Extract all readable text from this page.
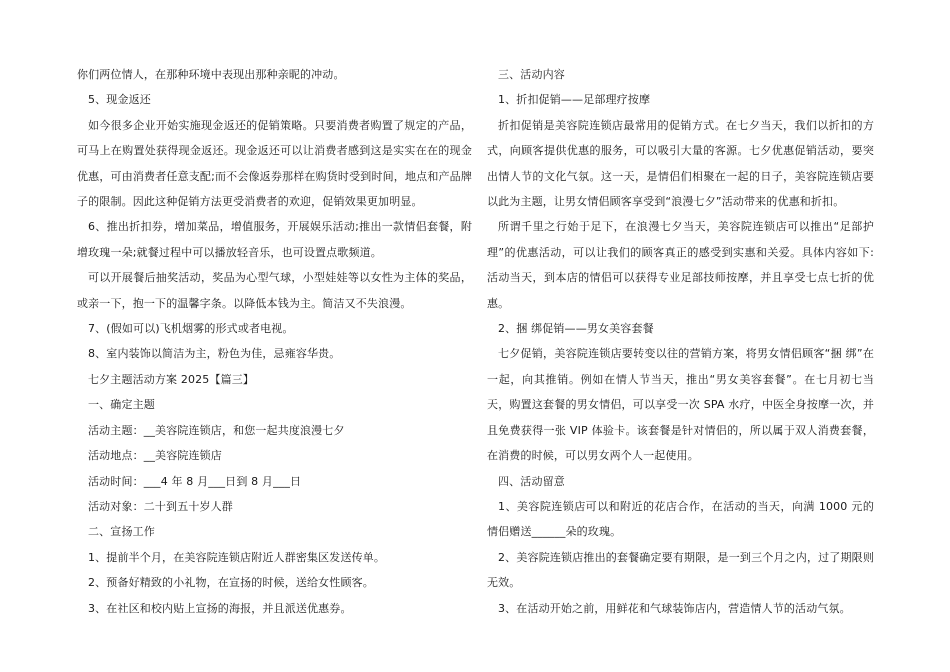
你们两位情人，在那种环境中表现出那种亲昵的冲动。

5、现金返还

如今很多企业开始实施现金返还的促销策略。只要消费者购置了规定的产品，可马上在购置处获得现金返还。现金返还可以让消费者感到这是实实在在的现金优惠，可由消费者任意支配;而不会像返券那样在购货时受到时间，地点和产品牌子的限制。因此这种促销方法更受消费者的欢迎，促销效果更加明显。

6、推出折扣券，增加菜品，增值服务，开展娱乐活动;推出一款情侣套餐，附增玫瑰一朵;就餐过程中可以播放轻音乐，也可设置点歌频道。

可以开展餐后抽奖活动，奖品为心型气球，小型娃娃等以女性为主体的奖品，或亲一下，抱一下的温馨字条。以降低本钱为主。简洁又不失浪漫。

7、(假如可以)飞机烟雾的形式或者电视。

8、室内装饰以简洁为主，粉色为佳，忌雍容华贵。

七夕主题活动方案 2025【篇三】

一、确定主题

活动主题：__美容院连锁店，和您一起共度浪漫七夕

活动地点：__美容院连锁店

活动时间：___4 年 8 月___日到 8 月___日

活动对象：二十到五十岁人群

二、宣扬工作

1、提前半个月，在美容院连锁店附近人群密集区发送传单。

2、预备好精致的小礼物，在宣扬的时候，送给女性顾客。

3、在社区和校内贴上宣扬的海报，并且派送优惠券。

三、活动内容

1、折扣促销——足部理疗按摩

折扣促销是美容院连锁店最常用的促销方式。在七夕当天，我们以折扣的方式，向顾客提供优惠的服务，可以吸引大量的客源。七夕优惠促销活动，要突出情人节的文化气氛。这一天，是情侣们相聚在一起的日子，美容院连锁店要以此为主题，让男女情侣顾客享受到“浪漫七夕”活动带来的优惠和折扣。

所谓千里之行始于足下，在浪漫七夕当天，美容院连锁店可以推出“足部护理”的优惠活动，可以让我们的顾客真正的感受到实惠和关爱。具体内容如下:活动当天，到本店的情侣可以获得专业足部技师按摩，并且享受七点七折的优惠。

2、捆 绑促销——男女美容套餐

七夕促销，美容院连锁店要转变以往的营销方案，将男女情侣顾客“捆 绑”在一起，向其推销。例如在情人节当天，推出“男女美容套餐”。在七月初七当天，购置这套餐的男女情侣，可以享受一次 SPA 水疗，中医全身按摩一次，并且免费获得一张 VIP 体验卡。该套餐是针对情侣的，所以属于双人消费套餐，在消费的时候，可以男女两个人一起使用。

四、活动留意

1、美容院连锁店可以和附近的花店合作，在活动的当天，向满 1000 元的情侣赠送______朵的玫瑰。

2、美容院连锁店推出的套餐确定要有期限，是一到三个月之内，过了期限则无效。

3、在活动开始之前，用鲜花和气球装饰店内，营造情人节的活动气氛。
